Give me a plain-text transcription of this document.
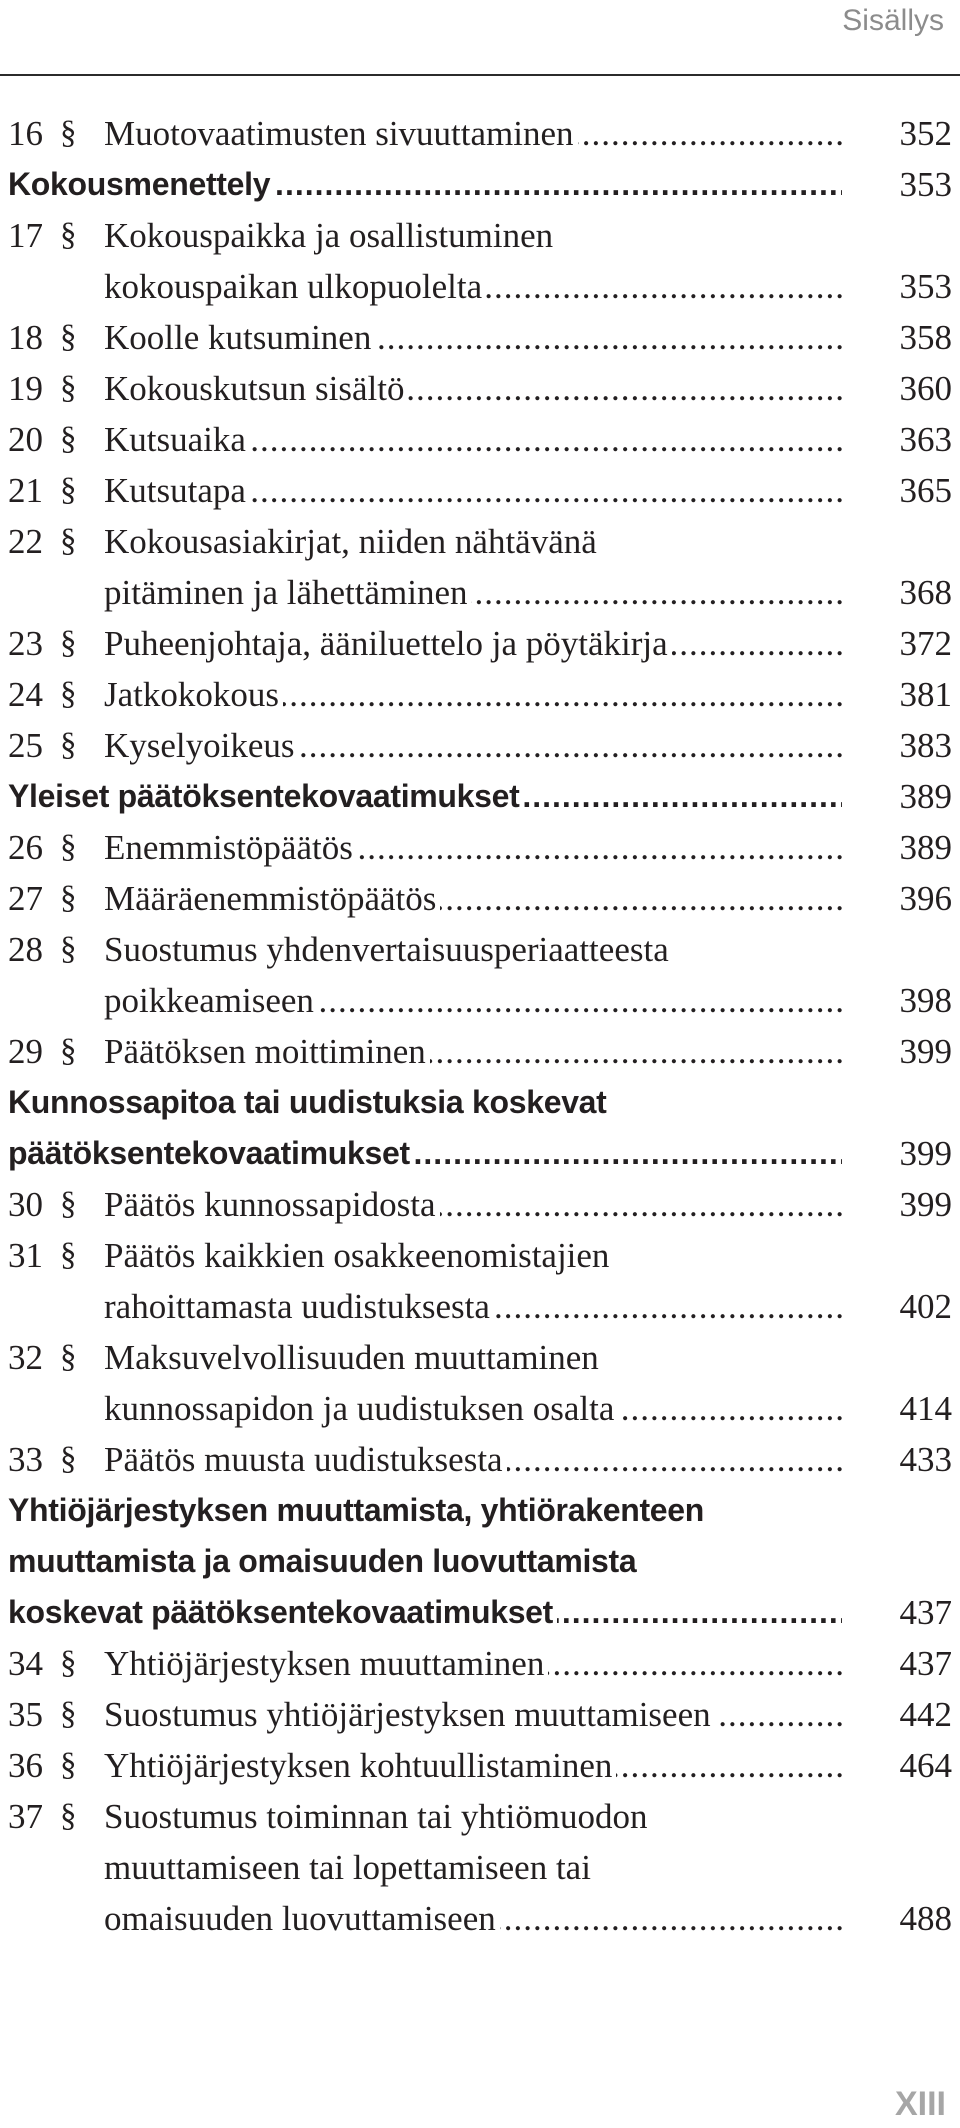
Sisällys
16 § Muotovaatimusten sivuuttaminen .....	352
Kokousmenettely .....	353
17 § Kokouspaikka ja osallistuminen
kokouspaikan ulkopuolelta .....	353
18 § Koolle kutsuminen .....	358
19 § Kokouskutsun sisältö .....	360
20 § Kutsuaika .....	363
21 § Kutsutapa .....	365
22 § Kokousasiakirjat, niiden nähtävänä
pitäminen ja lähettäminen .....	368
23 § Puheenjohtaja, ääniluettelo ja pöytäkirja .....	372
24 § Jatkokokous .....	381
25 § Kyselyoikeus .....	383
Yleiset päätöksentekovaatimukset .....	389
26 § Enemmistöpäätös .....	389
27 § Määräenemmistöpäätös .....	396
28 § Suostumus yhdenvertaisuusperiaatteesta
poikkeamiseen .....	398
29 § Päätöksen moittiminen .....	399
Kunnossapitoa tai uudistuksia koskevat
päätöksentekovaatimukset .....	399
30 § Päätös kunnossapidosta .....	399
31 § Päätös kaikkien osakkeenomistajien
rahoittamasta uudistuksesta .....	402
32 § Maksuvelvollisuuden muuttaminen
kunnossapidon ja uudistuksen osalta .....	414
33 § Päätös muusta uudistuksesta .....	433
Yhtiöjärjestyksen muuttamista, yhtiörakenteen
muuttamista ja omaisuuden luovuttamista
koskevat päätöksentekovaatimukset .....	437
34 § Yhtiöjärjestyksen muuttaminen .....	437
35 § Suostumus yhtiöjärjestyksen muuttamiseen .....	442
36 § Yhtiöjärjestyksen kohtuullistaminen .....	464
37 § Suostumus toiminnan tai yhtiömuodon
muuttamiseen tai lopettamiseen tai
omaisuuden luovuttamiseen .....	488
XIII
